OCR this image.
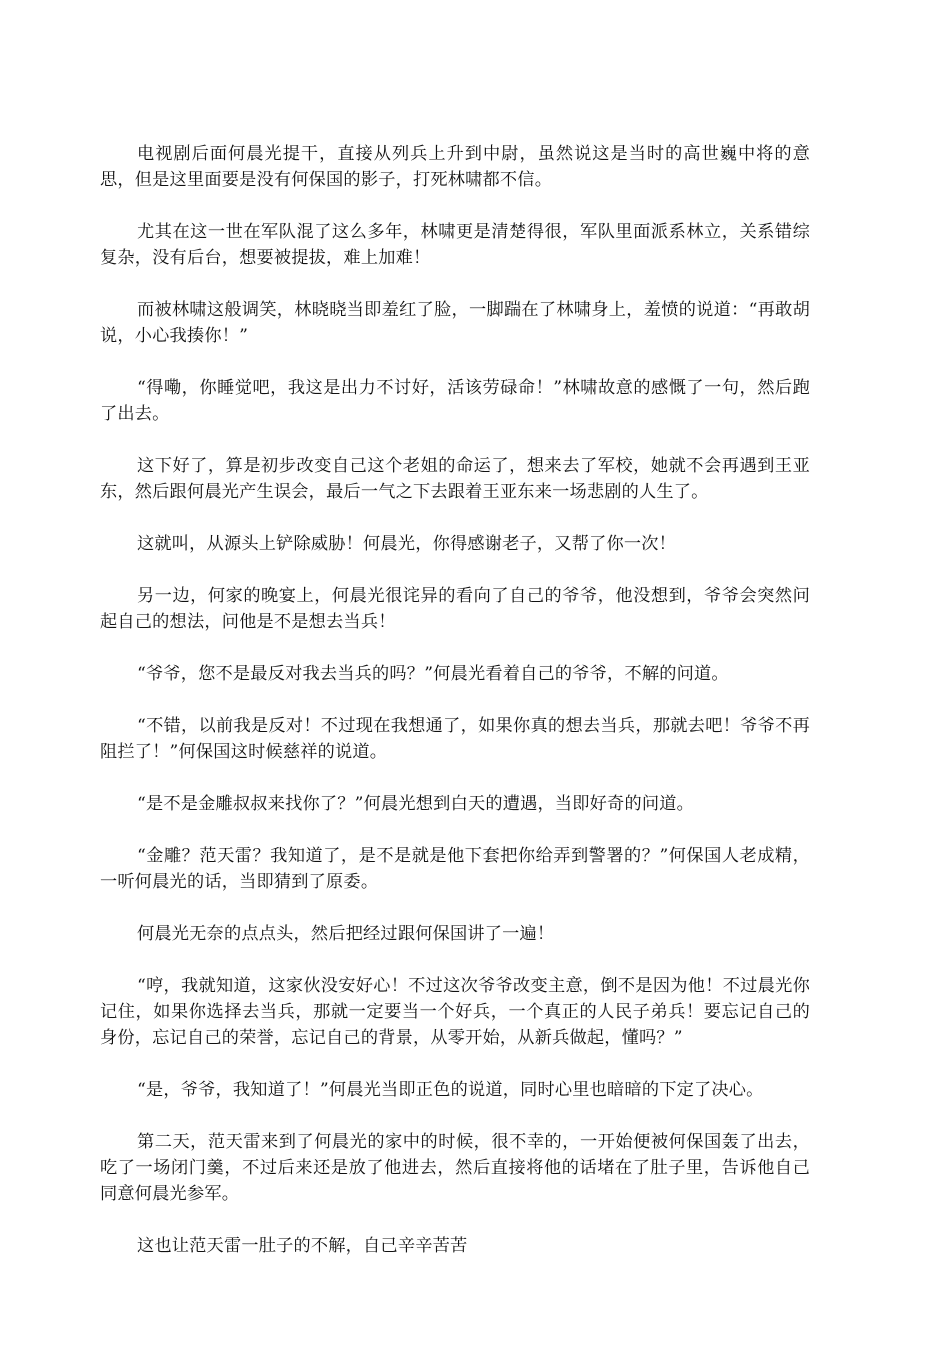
电视剧后面何晨光提干，直接从列兵上升到中尉，虽然说这是当时的高世巍中将的意思，但是这里面要是没有何保国的影子，打死林啸都不信。

尤其在这一世在军队混了这么多年，林啸更是清楚得很，军队里面派系林立，关系错综复杂，没有后台，想要被提拔，难上加难！

而被林啸这般调笑，林晓晓当即羞红了脸，一脚踹在了林啸身上，羞愤的说道：“再敢胡说，小心我揍你！”

“得嘞，你睡觉吧，我这是出力不讨好，活该劳碌命！”林啸故意的感慨了一句，然后跑了出去。

这下好了，算是初步改变自己这个老姐的命运了，想来去了军校，她就不会再遇到王亚东，然后跟何晨光产生误会，最后一气之下去跟着王亚东来一场悲剧的人生了。

这就叫，从源头上铲除威胁！何晨光，你得感谢老子，又帮了你一次！

另一边，何家的晚宴上，何晨光很诧异的看向了自己的爷爷，他没想到，爷爷会突然问起自己的想法，问他是不是想去当兵！

“爷爷，您不是最反对我去当兵的吗？”何晨光看着自己的爷爷，不解的问道。

“不错，以前我是反对！不过现在我想通了，如果你真的想去当兵，那就去吧！爷爷不再阻拦了！”何保国这时候慈祥的说道。

“是不是金雕叔叔来找你了？”何晨光想到白天的遭遇，当即好奇的问道。

“金雕？范天雷？我知道了，是不是就是他下套把你给弄到警署的？”何保国人老成精，一听何晨光的话，当即猜到了原委。

何晨光无奈的点点头，然后把经过跟何保国讲了一遍！

“哼，我就知道，这家伙没安好心！不过这次爷爷改变主意，倒不是因为他！不过晨光你记住，如果你选择去当兵，那就一定要当一个好兵，一个真正的人民子弟兵！要忘记自己的身份，忘记自己的荣誉，忘记自己的背景，从零开始，从新兵做起，懂吗？”

“是，爷爷，我知道了！”何晨光当即正色的说道，同时心里也暗暗的下定了决心。

第二天，范天雷来到了何晨光的家中的时候，很不幸的，一开始便被何保国轰了出去，吃了一场闭门羹，不过后来还是放了他进去，然后直接将他的话堵在了肚子里，告诉他自己同意何晨光参军。

这也让范天雷一肚子的不解，自己辛辛苦苦
